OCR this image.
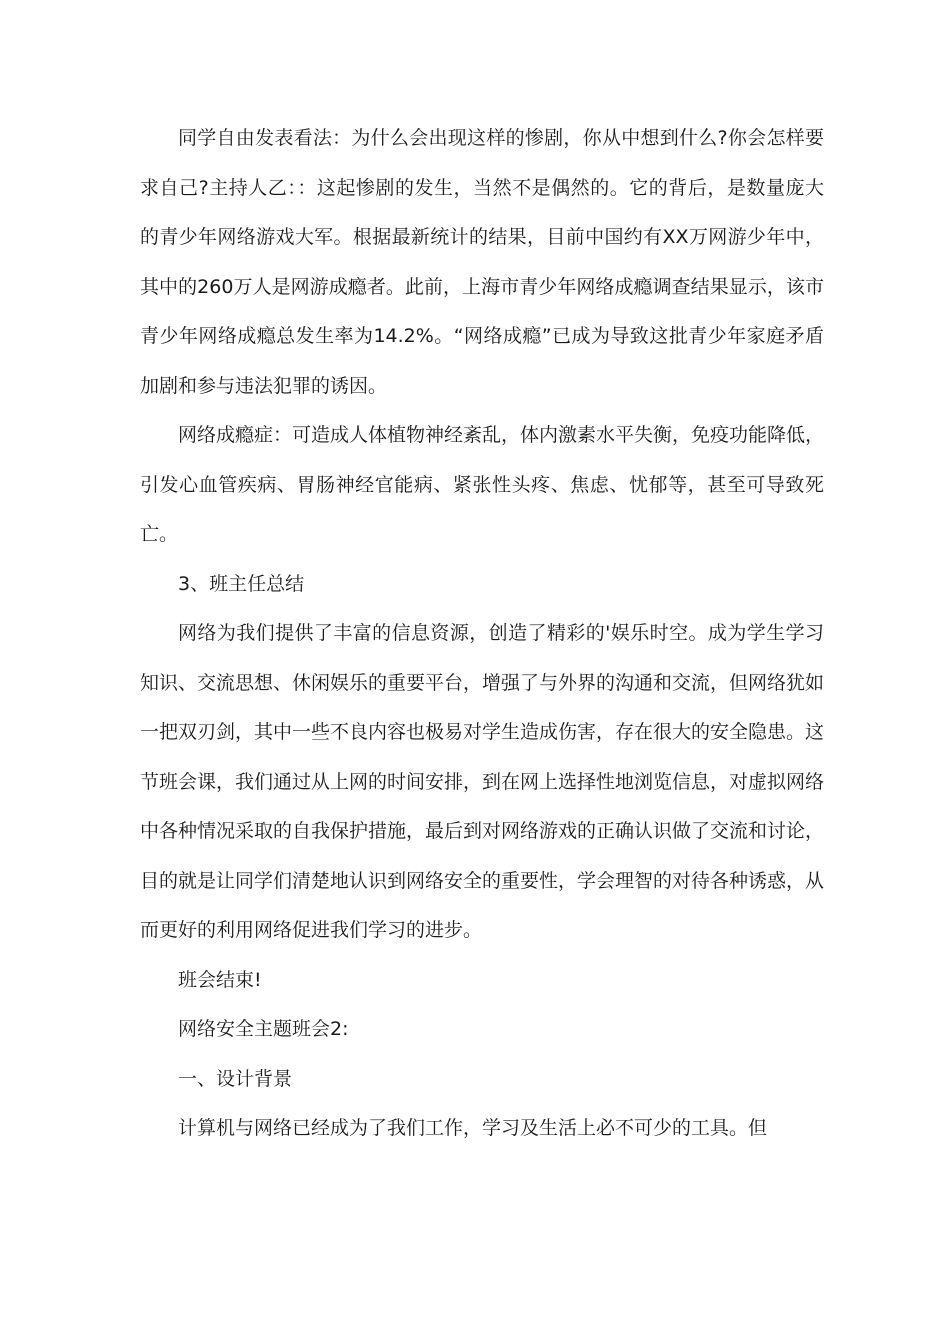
同学自由发表看法：为什么会出现这样的惨剧，你从中想到什么?你会怎样要求自己?主持人乙：：这起惨剧的发生，当然不是偶然的。它的背后，是数量庞大的青少年网络游戏大军。根据最新统计的结果，目前中国约有XX万网游少年中，其中的260万人是网游成瘾者。此前，上海市青少年网络成瘾调查结果显示，该市青少年网络成瘾总发生率为14.2%。“网络成瘾”已成为导致这批青少年家庭矛盾加剧和参与违法犯罪的诱因。

网络成瘾症：可造成人体植物神经紊乱，体内激素水平失衡，免疫功能降低，引发心血管疾病、胃肠神经官能病、紧张性头疼、焦虑、忧郁等，甚至可导致死亡。

3、班主任总结

网络为我们提供了丰富的信息资源，创造了精彩的'娱乐时空。成为学生学习知识、交流思想、休闲娱乐的重要平台，增强了与外界的沟通和交流，但网络犹如一把双刃剑，其中一些不良内容也极易对学生造成伤害，存在很大的安全隐患。这节班会课，我们通过从上网的时间安排，到在网上选择性地浏览信息，对虚拟网络中各种情况采取的自我保护措施，最后到对网络游戏的正确认识做了交流和讨论，目的就是让同学们清楚地认识到网络安全的重要性，学会理智的对待各种诱惑，从而更好的利用网络促进我们学习的进步。

班会结束!

网络安全主题班会2:

一、设计背景

计算机与网络已经成为了我们工作，学习及生活上必不可少的工具。但
